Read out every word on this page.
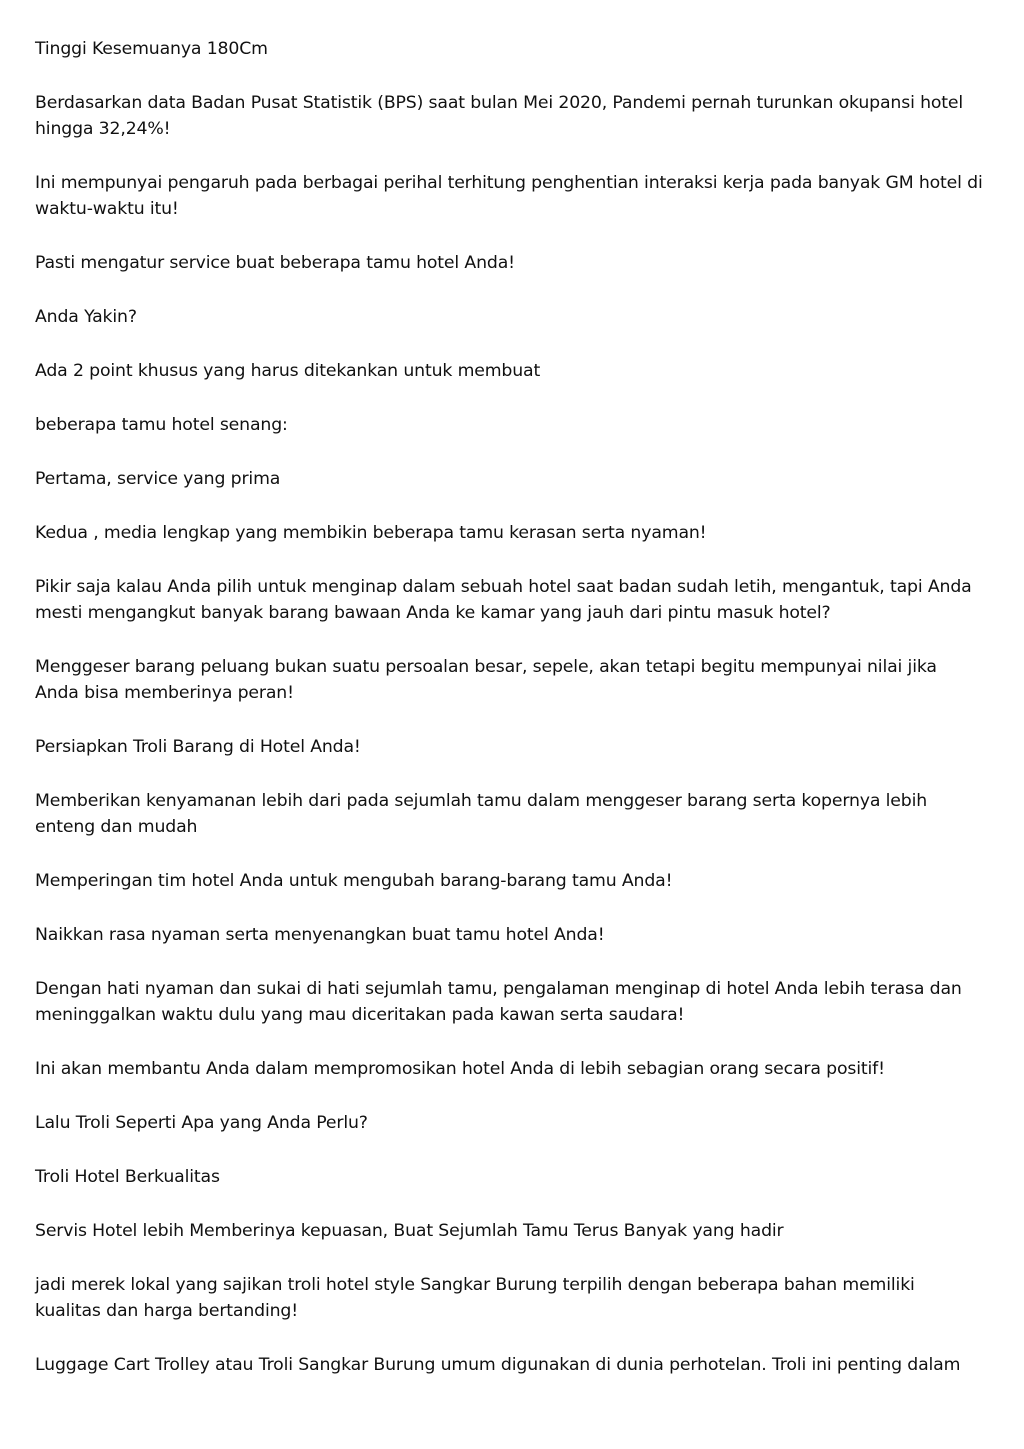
Tinggi Kesemuanya 180Cm

Berdasarkan data Badan Pusat Statistik (BPS) saat bulan Mei 2020, Pandemi pernah turunkan okupansi hotel hingga 32,24%!

Ini mempunyai pengaruh pada berbagai perihal terhitung penghentian interaksi kerja pada banyak GM hotel di waktu-waktu itu!

Pasti mengatur service buat beberapa tamu hotel Anda!

Anda Yakin?

Ada 2 point khusus yang harus ditekankan untuk membuat

beberapa tamu hotel senang:

Pertama, service yang prima

Kedua , media lengkap yang membikin beberapa tamu kerasan serta nyaman!

Pikir saja kalau Anda pilih untuk menginap dalam sebuah hotel saat badan sudah letih, mengantuk, tapi Anda mesti mengangkut banyak barang bawaan Anda ke kamar yang jauh dari pintu masuk hotel?

Menggeser barang peluang bukan suatu persoalan besar, sepele, akan tetapi begitu mempunyai nilai jika Anda bisa memberinya peran!

Persiapkan Troli Barang di Hotel Anda!

Memberikan kenyamanan lebih dari pada sejumlah tamu dalam menggeser barang serta kopernya lebih enteng dan mudah

Memperingan tim hotel Anda untuk mengubah barang-barang tamu Anda!

Naikkan rasa nyaman serta menyenangkan buat tamu hotel Anda!

Dengan hati nyaman dan sukai di hati sejumlah tamu, pengalaman menginap di hotel Anda lebih terasa dan meninggalkan waktu dulu yang mau diceritakan pada kawan serta saudara!

Ini akan membantu Anda dalam mempromosikan hotel Anda di lebih sebagian orang secara positif!

Lalu Troli Seperti Apa yang Anda Perlu?

Troli Hotel Berkualitas

Servis Hotel lebih Memberinya kepuasan, Buat Sejumlah Tamu Terus Banyak yang hadir

jadi merek lokal yang sajikan troli hotel style Sangkar Burung terpilih dengan beberapa bahan memiliki kualitas dan harga bertanding!

Luggage Cart Trolley atau Troli Sangkar Burung umum digunakan di dunia perhotelan. Troli ini penting dalam
